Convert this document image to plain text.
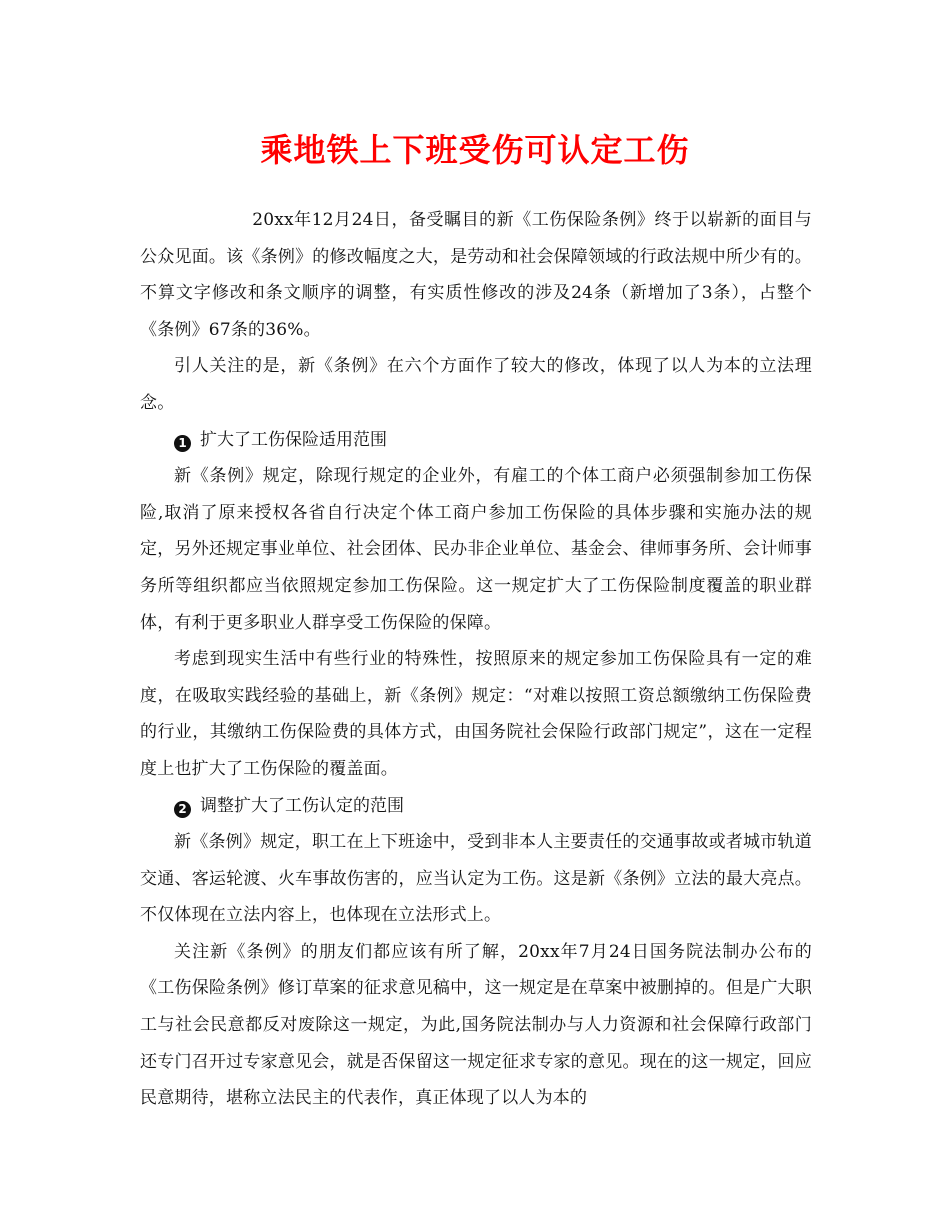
乘地铁上下班受伤可认定工伤

20xx年12月24日，备受瞩目的新《工伤保险条例》终于以崭新的面目与公众见面。该《条例》的修改幅度之大，是劳动和社会保障领域的行政法规中所少有的。不算文字修改和条文顺序的调整，有实质性修改的涉及24条（新增加了3条），占整个《条例》67条的36%。

引人关注的是，新《条例》在六个方面作了较大的修改，体现了以人为本的立法理念。

1 扩大了工伤保险适用范围

新《条例》规定，除现行规定的企业外，有雇工的个体工商户必须强制参加工伤保险,取消了原来授权各省自行决定个体工商户参加工伤保险的具体步骤和实施办法的规定，另外还规定事业单位、社会团体、民办非企业单位、基金会、律师事务所、会计师事务所等组织都应当依照规定参加工伤保险。这一规定扩大了工伤保险制度覆盖的职业群体，有利于更多职业人群享受工伤保险的保障。

考虑到现实生活中有些行业的特殊性，按照原来的规定参加工伤保险具有一定的难度，在吸取实践经验的基础上，新《条例》规定：“对难以按照工资总额缴纳工伤保险费的行业，其缴纳工伤保险费的具体方式，由国务院社会保险行政部门规定”，这在一定程度上也扩大了工伤保险的覆盖面。

2 调整扩大了工伤认定的范围

新《条例》规定，职工在上下班途中，受到非本人主要责任的交通事故或者城市轨道交通、客运轮渡、火车事故伤害的，应当认定为工伤。这是新《条例》立法的最大亮点。不仅体现在立法内容上，也体现在立法形式上。

关注新《条例》的朋友们都应该有所了解，20xx年7月24日国务院法制办公布的《工伤保险条例》修订草案的征求意见稿中，这一规定是在草案中被删掉的。但是广大职工与社会民意都反对废除这一规定，为此,国务院法制办与人力资源和社会保障行政部门还专门召开过专家意见会，就是否保留这一规定征求专家的意见。现在的这一规定，回应民意期待，堪称立法民主的代表作，真正体现了以人为本的
